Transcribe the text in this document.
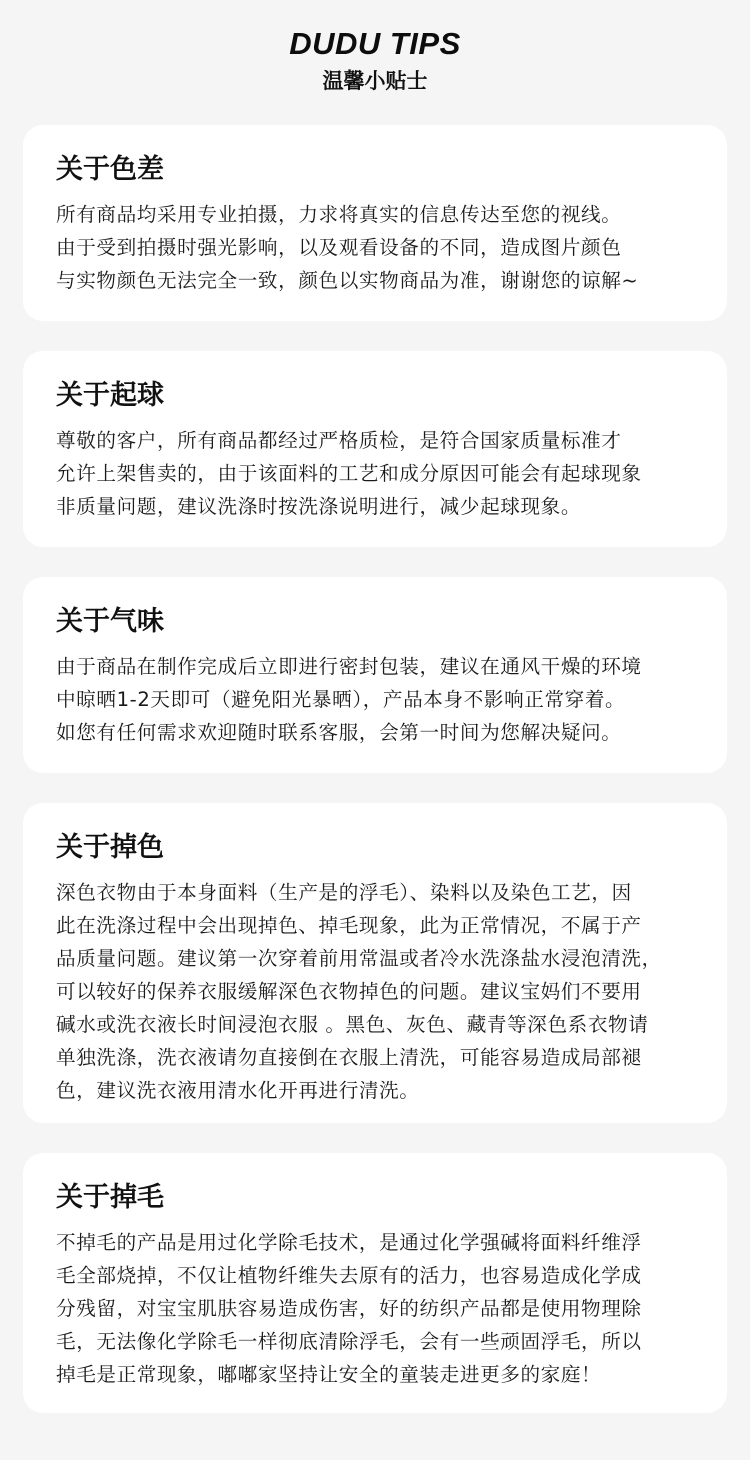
DUDU TIPS
温馨小贴士
关于色差
所有商品均采用专业拍摄，力求将真实的信息传达至您的视线。
由于受到拍摄时强光影响，以及观看设备的不同，造成图片颜色
与实物颜色无法完全一致，颜色以实物商品为准，谢谢您的谅解~
关于起球
尊敬的客户，所有商品都经过严格质检，是符合国家质量标准才
允许上架售卖的，由于该面料的工艺和成分原因可能会有起球现象
非质量问题，建议洗涤时按洗涤说明进行，减少起球现象。
关于气味
由于商品在制作完成后立即进行密封包装，建议在通风干燥的环境
中晾晒1-2天即可（避免阳光暴晒），产品本身不影响正常穿着。
如您有任何需求欢迎随时联系客服，会第一时间为您解决疑问。
关于掉色
深色衣物由于本身面料（生产是的浮毛）、染料以及染色工艺，因
此在洗涤过程中会出现掉色、掉毛现象，此为正常情况，不属于产
品质量问题。建议第一次穿着前用常温或者冷水洗涤盐水浸泡清洗，
可以较好的保养衣服缓解深色衣物掉色的问题。建议宝妈们不要用
碱水或洗衣液长时间浸泡衣服 。黑色、灰色、藏青等深色系衣物请
单独洗涤，洗衣液请勿直接倒在衣服上清洗，可能容易造成局部褪
色，建议洗衣液用清水化开再进行清洗。
关于掉毛
不掉毛的产品是用过化学除毛技术，是通过化学强碱将面料纤维浮
毛全部烧掉，不仅让植物纤维失去原有的活力，也容易造成化学成
分残留，对宝宝肌肤容易造成伤害，好的纺织产品都是使用物理除
毛，无法像化学除毛一样彻底清除浮毛，会有一些顽固浮毛，所以
掉毛是正常现象，嘟嘟家坚持让安全的童装走进更多的家庭！
